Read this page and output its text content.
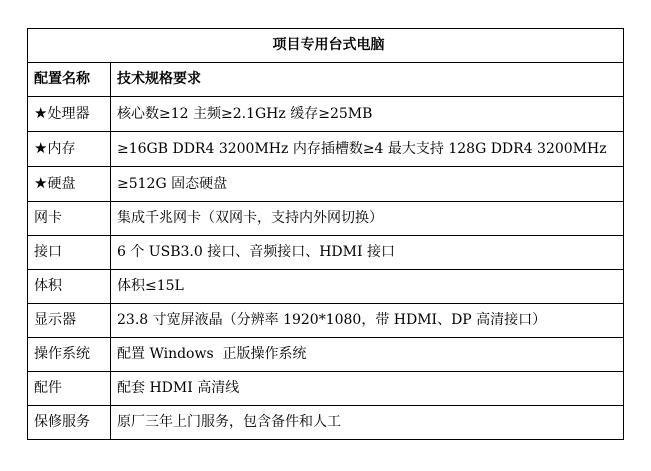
项目专用台式电脑	
配置名称	技术规格要求
★处理器	核心数≥12 主频≥2.1GHz 缓存≥25MB
★内存	≥16GB DDR4 3200MHz 内存插槽数≥4 最大支持 128G DDR4 3200MHz
★硬盘	≥512G 固态硬盘
网卡	集成千兆网卡（双网卡，支持内外网切换）
接口	6 个 USB3.0 接口、音频接口、HDMI 接口
体积	体积≤15L
显示器	23.8 寸宽屏液晶（分辨率 1920*1080，带 HDMI、DP 高清接口）
操作系统	配置 Windows  正版操作系统
配件	配套 HDMI 高清线
保修服务	原厂三年上门服务，包含备件和人工
